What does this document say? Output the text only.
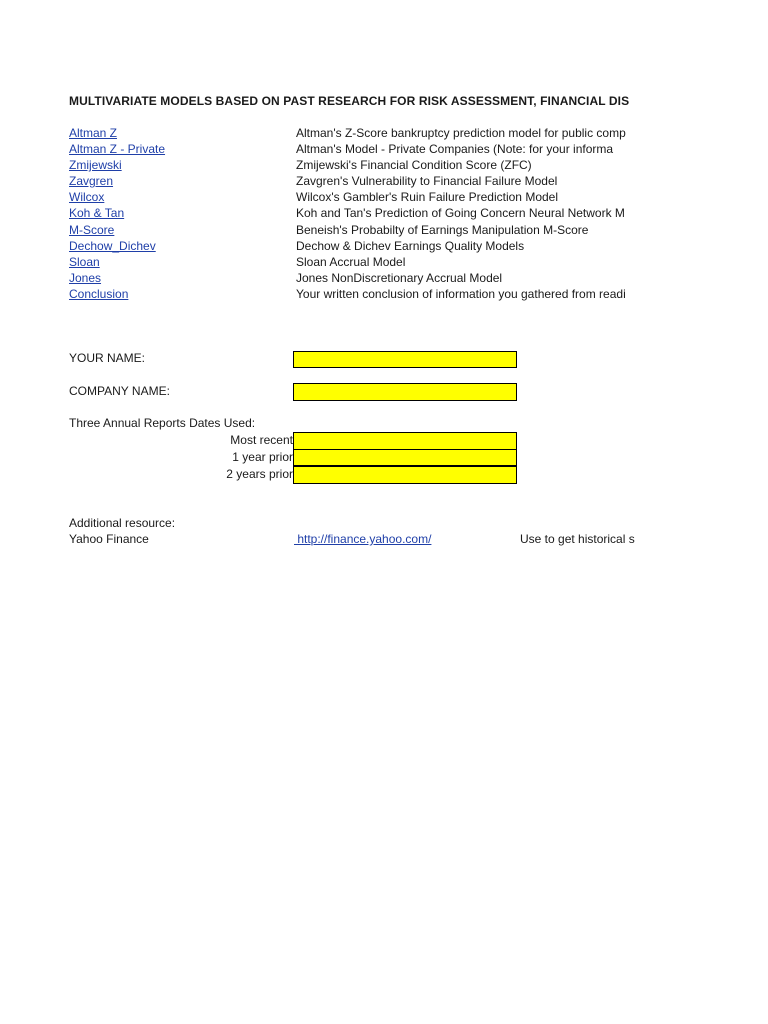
MULTIVARIATE MODELS BASED ON PAST RESEARCH FOR RISK ASSESSMENT, FINANCIAL DIS
Altman Z	Altman's Z-Score bankruptcy prediction model for public comp
Altman Z - Private	Altman's Model - Private Companies (Note: for your informa
Zmijewski	Zmijewski's Financial Condition Score (ZFC)
Zavgren	Zavgren's Vulnerability to Financial Failure Model
Wilcox	Wilcox's Gambler's Ruin Failure Prediction Model
Koh & Tan	Koh and Tan's Prediction of Going Concern Neural Network M
M-Score	Beneish's Probabilty of Earnings Manipulation M-Score
Dechow_Dichev	Dechow & Dichev Earnings Quality Models
Sloan	Sloan Accrual Model
Jones	Jones NonDiscretionary Accrual Model
Conclusion	Your written conclusion of information you gathered from readi
YOUR NAME:
COMPANY NAME:
Three Annual Reports Dates Used:
Most recent
1 year prior
2 years prior
Additional resource:
Yahoo Finance	http://finance.yahoo.com/	Use to get historical s
